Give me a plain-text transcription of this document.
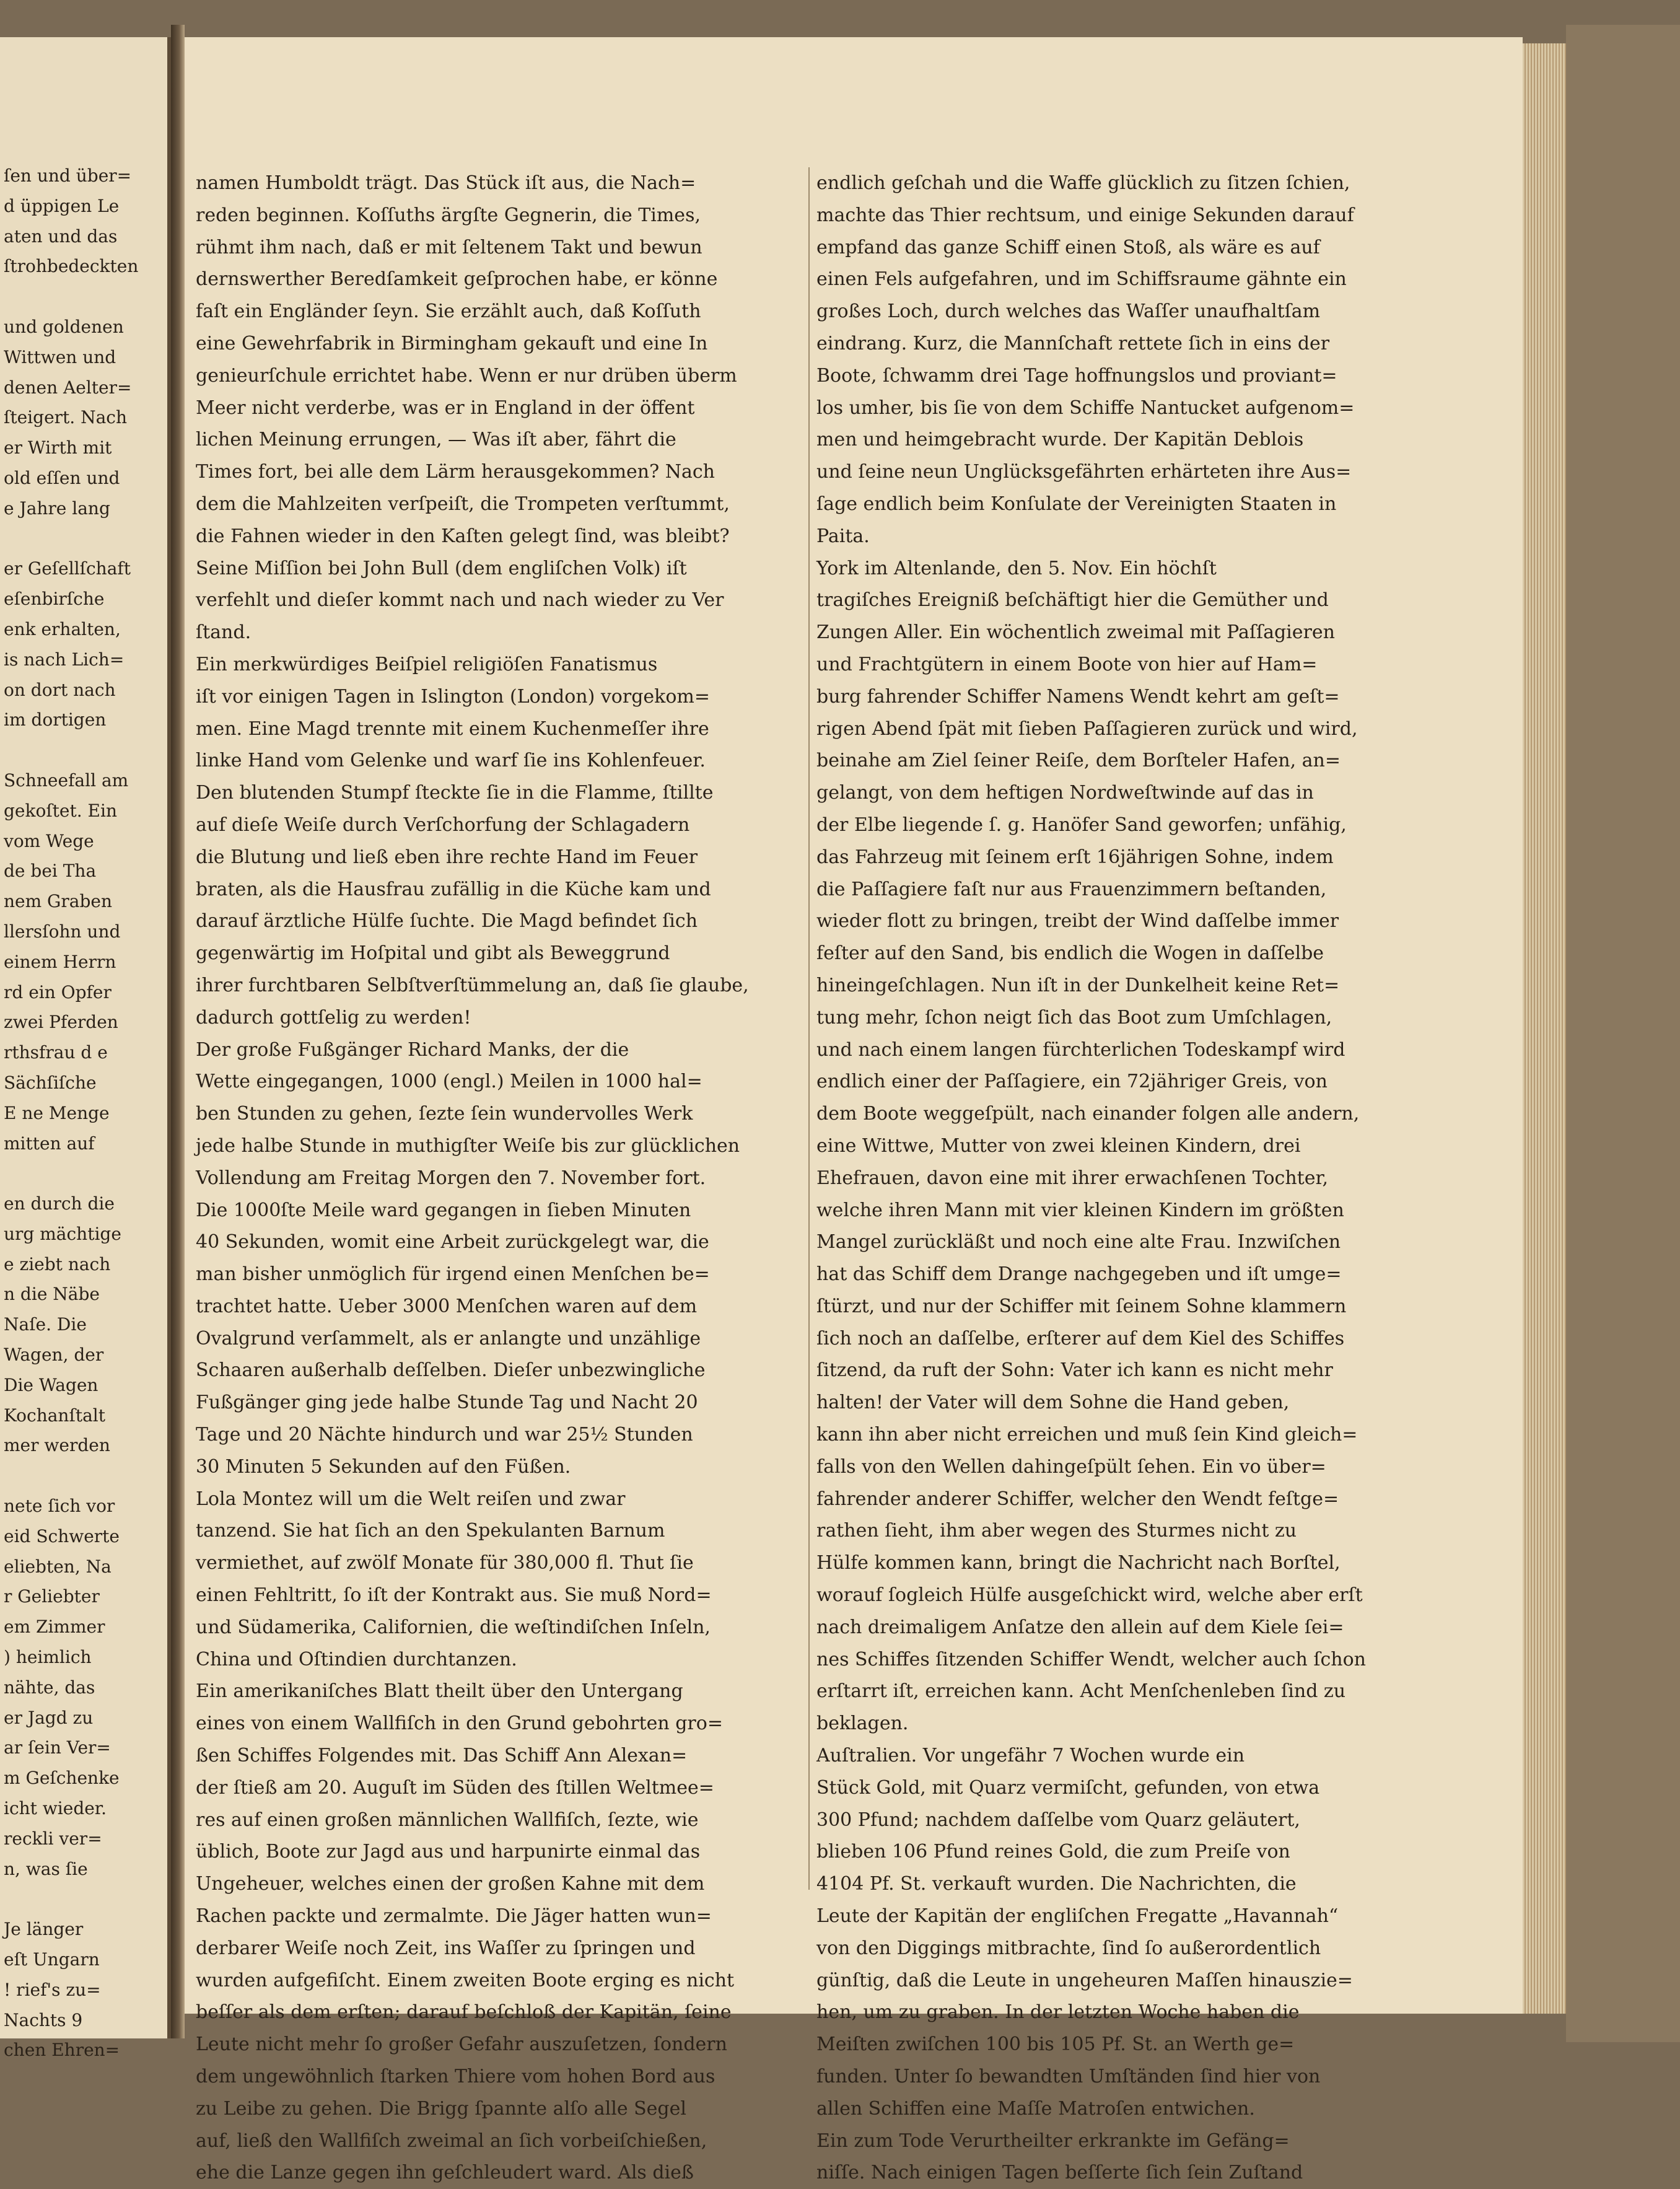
ſen und über=
d üppigen Le
aten und das
ſtrohbedeckten

und goldenen
Wittwen und
denen Aelter=
ſteigert. Nach
er Wirth mit
old eſſen und
e Jahre lang

er Geſellſchaft
eſenbirſche
enk erhalten,
is nach Lich=
on dort nach
im dortigen

Schneefall am
gekoſtet. Ein
vom Wege
de bei Tha
nem Graben
llersſohn und
einem Herrn
rd ein Opfer
zwei Pferden
rthsfrau d e
Sächſiſche
E ne Menge
mitten auf

en durch die
urg mächtige
e ziebt nach
n die Näbe
Naſe. Die
Wagen, der
Die Wagen
Kochanſtalt
mer werden

nete ſich vor
eid Schwerte
eliebten, Na
r Geliebter
em Zimmer
) heimlich
nähte, das
er Jagd zu
ar ſein Ver=
m Geſchenke
icht wieder.
reckli ver=
n, was ſie

Je länger
eſt Ungarn
! rief's zu=
Nachts 9
chen Ehren=
namen Humboldt trägt. Das Stück iſt aus, die Nach=
reden beginnen. Koſſuths ärgſte Gegnerin, die Times,
rühmt ihm nach, daß er mit ſeltenem Takt und bewun
dernswerther Beredſamkeit geſprochen habe, er könne
faſt ein Engländer ſeyn. Sie erzählt auch, daß Koſſuth
eine Gewehrfabrik in Birmingham gekauft und eine In
genieurſchule errichtet habe. Wenn er nur drüben überm
Meer nicht verderbe, was er in England in der öffent
lichen Meinung errungen, — Was iſt aber, fährt die
Times fort, bei alle dem Lärm herausgekommen? Nach
dem die Mahlzeiten verſpeiſt, die Trompeten verſtummt,
die Fahnen wieder in den Kaſten gelegt ſind, was bleibt?
Seine Miſſion bei John Bull (dem engliſchen Volk) iſt
verfehlt und dieſer kommt nach und nach wieder zu Ver
ſtand.
Ein merkwürdiges Beiſpiel religiöſen Fanatismus
iſt vor einigen Tagen in Islington (London) vorgekom=
men. Eine Magd trennte mit einem Kuchenmeſſer ihre
linke Hand vom Gelenke und warf ſie ins Kohlenfeuer.
Den blutenden Stumpf ſteckte ſie in die Flamme, ſtillte
auf dieſe Weiſe durch Verſchorfung der Schlagadern
die Blutung und ließ eben ihre rechte Hand im Feuer
braten, als die Hausfrau zufällig in die Küche kam und
darauf ärztliche Hülfe ſuchte. Die Magd befindet ſich
gegenwärtig im Hoſpital und gibt als Beweggrund
ihrer furchtbaren Selbſtverſtümmelung an, daß ſie glaube,
dadurch gottſelig zu werden!
Der große Fußgänger Richard Manks, der die
Wette eingegangen, 1000 (engl.) Meilen in 1000 hal=
ben Stunden zu gehen, ſezte ſein wundervolles Werk
jede halbe Stunde in muthigſter Weiſe bis zur glücklichen
Vollendung am Freitag Morgen den 7. November fort.
Die 1000ſte Meile ward gegangen in ſieben Minuten
40 Sekunden, womit eine Arbeit zurückgelegt war, die
man bisher unmöglich für irgend einen Menſchen be=
trachtet hatte. Ueber 3000 Menſchen waren auf dem
Ovalgrund verſammelt, als er anlangte und unzählige
Schaaren außerhalb deſſelben. Dieſer unbezwingliche
Fußgänger ging jede halbe Stunde Tag und Nacht 20
Tage und 20 Nächte hindurch und war 25½ Stunden
30 Minuten 5 Sekunden auf den Füßen.
Lola Montez will um die Welt reiſen und zwar
tanzend. Sie hat ſich an den Spekulanten Barnum
vermiethet, auf zwölf Monate für 380,000 fl. Thut ſie
einen Fehltritt, ſo iſt der Kontrakt aus. Sie muß Nord=
und Südamerika, Californien, die weſtindiſchen Inſeln,
China und Oſtindien durchtanzen.
Ein amerikaniſches Blatt theilt über den Untergang
eines von einem Wallfiſch in den Grund gebohrten gro=
ßen Schiffes Folgendes mit. Das Schiff Ann Alexan=
der ſtieß am 20. Auguſt im Süden des ſtillen Weltmee=
res auf einen großen männlichen Wallfiſch, ſezte, wie
üblich, Boote zur Jagd aus und harpunirte einmal das
Ungeheuer, welches einen der großen Kahne mit dem
Rachen packte und zermalmte. Die Jäger hatten wun=
derbarer Weiſe noch Zeit, ins Waſſer zu ſpringen und
wurden aufgefiſcht. Einem zweiten Boote erging es nicht
beſſer als dem erſten; darauf beſchloß der Kapitän, ſeine
Leute nicht mehr ſo großer Gefahr auszuſetzen, ſondern
dem ungewöhnlich ſtarken Thiere vom hohen Bord aus
zu Leibe zu gehen. Die Brigg ſpannte alſo alle Segel
auf, ließ den Wallfiſch zweimal an ſich vorbeiſchießen,
ehe die Lanze gegen ihn geſchleudert ward. Als dieß
endlich geſchah und die Waffe glücklich zu ſitzen ſchien,
machte das Thier rechtsum, und einige Sekunden darauf
empfand das ganze Schiff einen Stoß, als wäre es auf
einen Fels aufgefahren, und im Schiffsraume gähnte ein
großes Loch, durch welches das Waſſer unaufhaltſam
eindrang. Kurz, die Mannſchaft rettete ſich in eins der
Boote, ſchwamm drei Tage hoffnungslos und proviant=
los umher, bis ſie von dem Schiffe Nantucket aufgenom=
men und heimgebracht wurde. Der Kapitän Deblois
und ſeine neun Unglücksgefährten erhärteten ihre Aus=
ſage endlich beim Konſulate der Vereinigten Staaten in
Paita.
York im Altenlande, den 5. Nov. Ein höchſt
tragiſches Ereigniß beſchäftigt hier die Gemüther und
Zungen Aller. Ein wöchentlich zweimal mit Paſſagieren
und Frachtgütern in einem Boote von hier auf Ham=
burg fahrender Schiffer Namens Wendt kehrt am geſt=
rigen Abend ſpät mit ſieben Paſſagieren zurück und wird,
beinahe am Ziel ſeiner Reiſe, dem Borſteler Hafen, an=
gelangt, von dem heftigen Nordweſtwinde auf das in
der Elbe liegende ſ. g. Hanöfer Sand geworfen; unfähig,
das Fahrzeug mit ſeinem erſt 16jährigen Sohne, indem
die Paſſagiere faſt nur aus Frauenzimmern beſtanden,
wieder flott zu bringen, treibt der Wind daſſelbe immer
feſter auf den Sand, bis endlich die Wogen in daſſelbe
hineingeſchlagen. Nun iſt in der Dunkelheit keine Ret=
tung mehr, ſchon neigt ſich das Boot zum Umſchlagen,
und nach einem langen fürchterlichen Todeskampf wird
endlich einer der Paſſagiere, ein 72jähriger Greis, von
dem Boote weggeſpült, nach einander folgen alle andern,
eine Wittwe, Mutter von zwei kleinen Kindern, drei
Ehefrauen, davon eine mit ihrer erwachſenen Tochter,
welche ihren Mann mit vier kleinen Kindern im größten
Mangel zurückläßt und noch eine alte Frau. Inzwiſchen
hat das Schiff dem Drange nachgegeben und iſt umge=
ſtürzt, und nur der Schiffer mit ſeinem Sohne klammern
ſich noch an daſſelbe, erſterer auf dem Kiel des Schiffes
ſitzend, da ruft der Sohn: Vater ich kann es nicht mehr
halten! der Vater will dem Sohne die Hand geben,
kann ihn aber nicht erreichen und muß ſein Kind gleich=
falls von den Wellen dahingeſpült ſehen. Ein vo über=
fahrender anderer Schiffer, welcher den Wendt feſtge=
rathen ſieht, ihm aber wegen des Sturmes nicht zu
Hülfe kommen kann, bringt die Nachricht nach Borſtel,
worauf ſogleich Hülfe ausgeſchickt wird, welche aber erſt
nach dreimaligem Anſatze den allein auf dem Kiele ſei=
nes Schiffes ſitzenden Schiffer Wendt, welcher auch ſchon
erſtarrt iſt, erreichen kann. Acht Menſchenleben ſind zu
beklagen.
Auſtralien. Vor ungefähr 7 Wochen wurde ein
Stück Gold, mit Quarz vermiſcht, gefunden, von etwa
300 Pfund; nachdem daſſelbe vom Quarz geläutert,
blieben 106 Pfund reines Gold, die zum Preiſe von
4104 Pf. St. verkauft wurden. Die Nachrichten, die
Leute der Kapitän der engliſchen Fregatte „Havannah“
von den Diggings mitbrachte, ſind ſo außerordentlich
günſtig, daß die Leute in ungeheuren Maſſen hinausziе=
hen, um zu graben. In der letzten Woche haben die
Meiſten zwiſchen 100 bis 105 Pf. St. an Werth ge=
funden. Unter ſo bewandten Umſtänden ſind hier von
allen Schiffen eine Maſſe Matroſen entwichen.
Ein zum Tode Verurtheilter erkrankte im Gefäng=
niſſe. Nach einigen Tagen beſſerte ſich ſein Zuſtand
